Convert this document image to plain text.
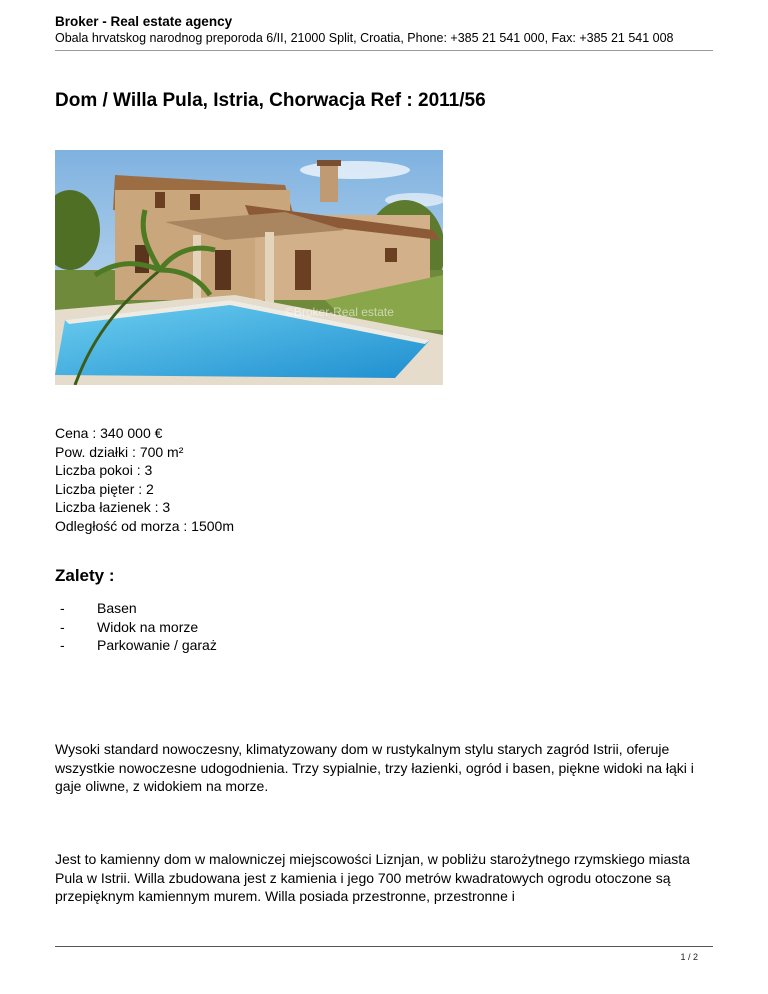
Broker - Real estate agency
Obala hrvatskog narodnog preporoda 6/II, 21000 Split, Croatia, Phone: +385 21 541 000, Fax: +385 21 541 008
Dom / Willa Pula, Istria, Chorwacja Ref : 2011/56
©Broker-Real estate
Cena : 340 000 €
Pow. działki : 700 m²
Liczba pokoi : 3
Liczba pięter : 2
Liczba łazienek : 3
Odległość od morza : 1500m
Zalety :
- Basen
- Widok na morze
- Parkowanie / garaż

Wysoki standard nowoczesny, klimatyzowany dom w rustykalnym stylu starych zagród Istrii, oferuje wszystkie nowoczesne udogodnienia. Trzy sypialnie, trzy łazienki, ogród i basen, piękne widoki na łąki i gaje oliwne, z widokiem na morze.

Jest to kamienny dom w malowniczej miejscowości Liznjan, w pobliżu starożytnego rzymskiego miasta Pula w Istrii. Willa zbudowana jest z kamienia i jego 700 metrów kwadratowych ogrodu otoczone są przepięknym kamiennym murem. Willa posiada przestronne, przestronne i

1 / 2
